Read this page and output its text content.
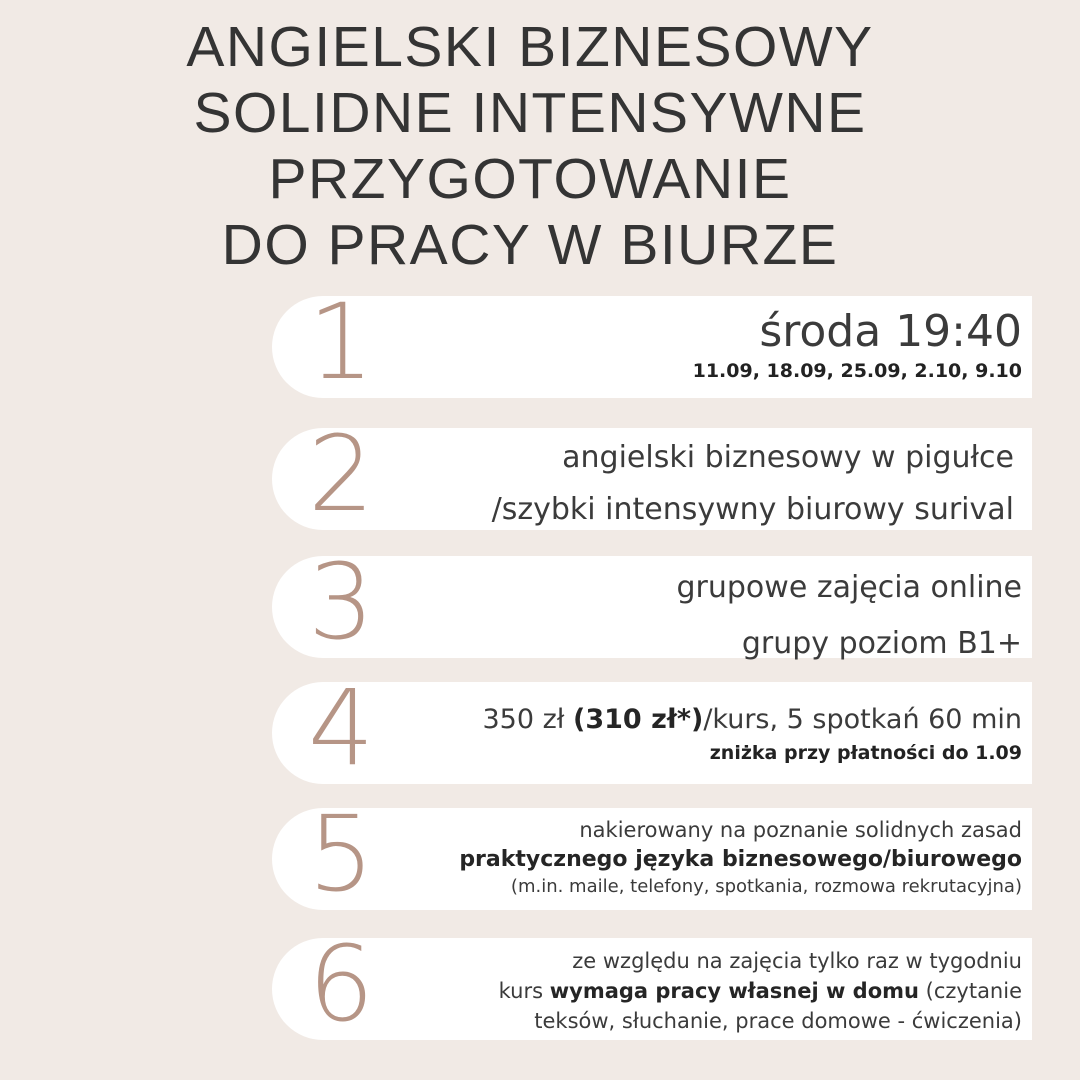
ANGIELSKI BIZNESOWY
SOLIDNE INTENSYWNE
PRZYGOTOWANIE
DO PRACY W BIURZE
1	środa 19:40
11.09, 18.09, 25.09, 2.10, 9.10
2	angielski biznesowy w pigułce
/szybki intensywny biurowy surival
3	grupowe zajęcia online
grupy poziom B1+
4	350 zł (310 zł*)/kurs, 5 spotkań 60 min
zniżka przy płatności do 1.09
5	nakierowany na poznanie solidnych zasad
praktycznego języka biznesowego/biurowego
(m.in. maile, telefony, spotkania, rozmowa rekrutacyjna)
6	ze względu na zajęcia tylko raz w tygodniu
kurs wymaga pracy własnej w domu (czytanie
teksów, słuchanie, prace domowe - ćwiczenia)
